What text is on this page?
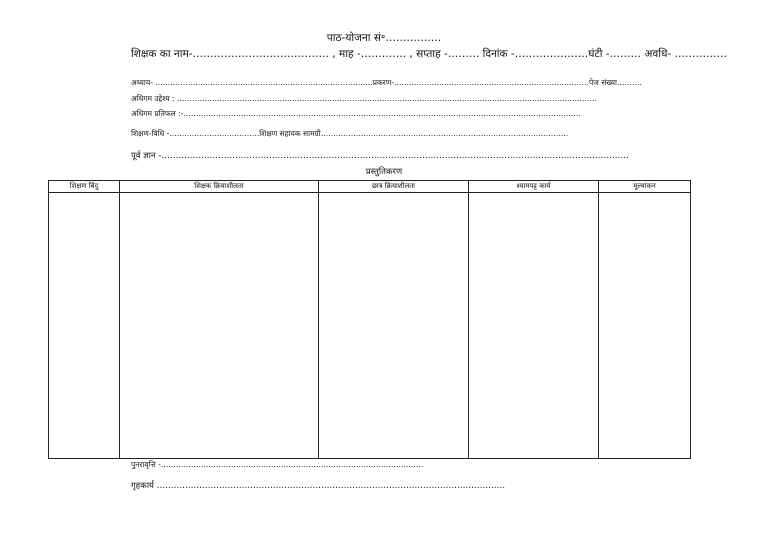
पाठ-योजना सं॰…………….
शिक्षक का नाम-………………………………… , माह -…………. , सप्ताह -……… दिनांक -…………………घंटी -……… अवधि- ……………
अध्याय- ……………………………………………………………………………प्रकरण-……………………………………………………………………पेज संख्या……….
अधिगम उद्देश्य : ……………………………………………………………………………………………………………………………………………………
अधिगम प्रतिफल :-……………………………………………………………………………………………………………………………………………
शिक्षण-विधि -………………………………शिक्षण सहायक सामग्री………………………………………………………………………………………
पूर्व ज्ञान -…………………………………………………………………………………………………………………………………………………
प्रस्तुतिकरण
शिक्षण बिंदु	शिक्षक क्रियाशीलता	छात्र क्रियाशीलता	श्यामपट्ट कार्य	मूल्यांकन

पुनरावृत्ति -……………………………………………………………………………………………
गृहकार्य ……………………………………………………………………………………………………………
